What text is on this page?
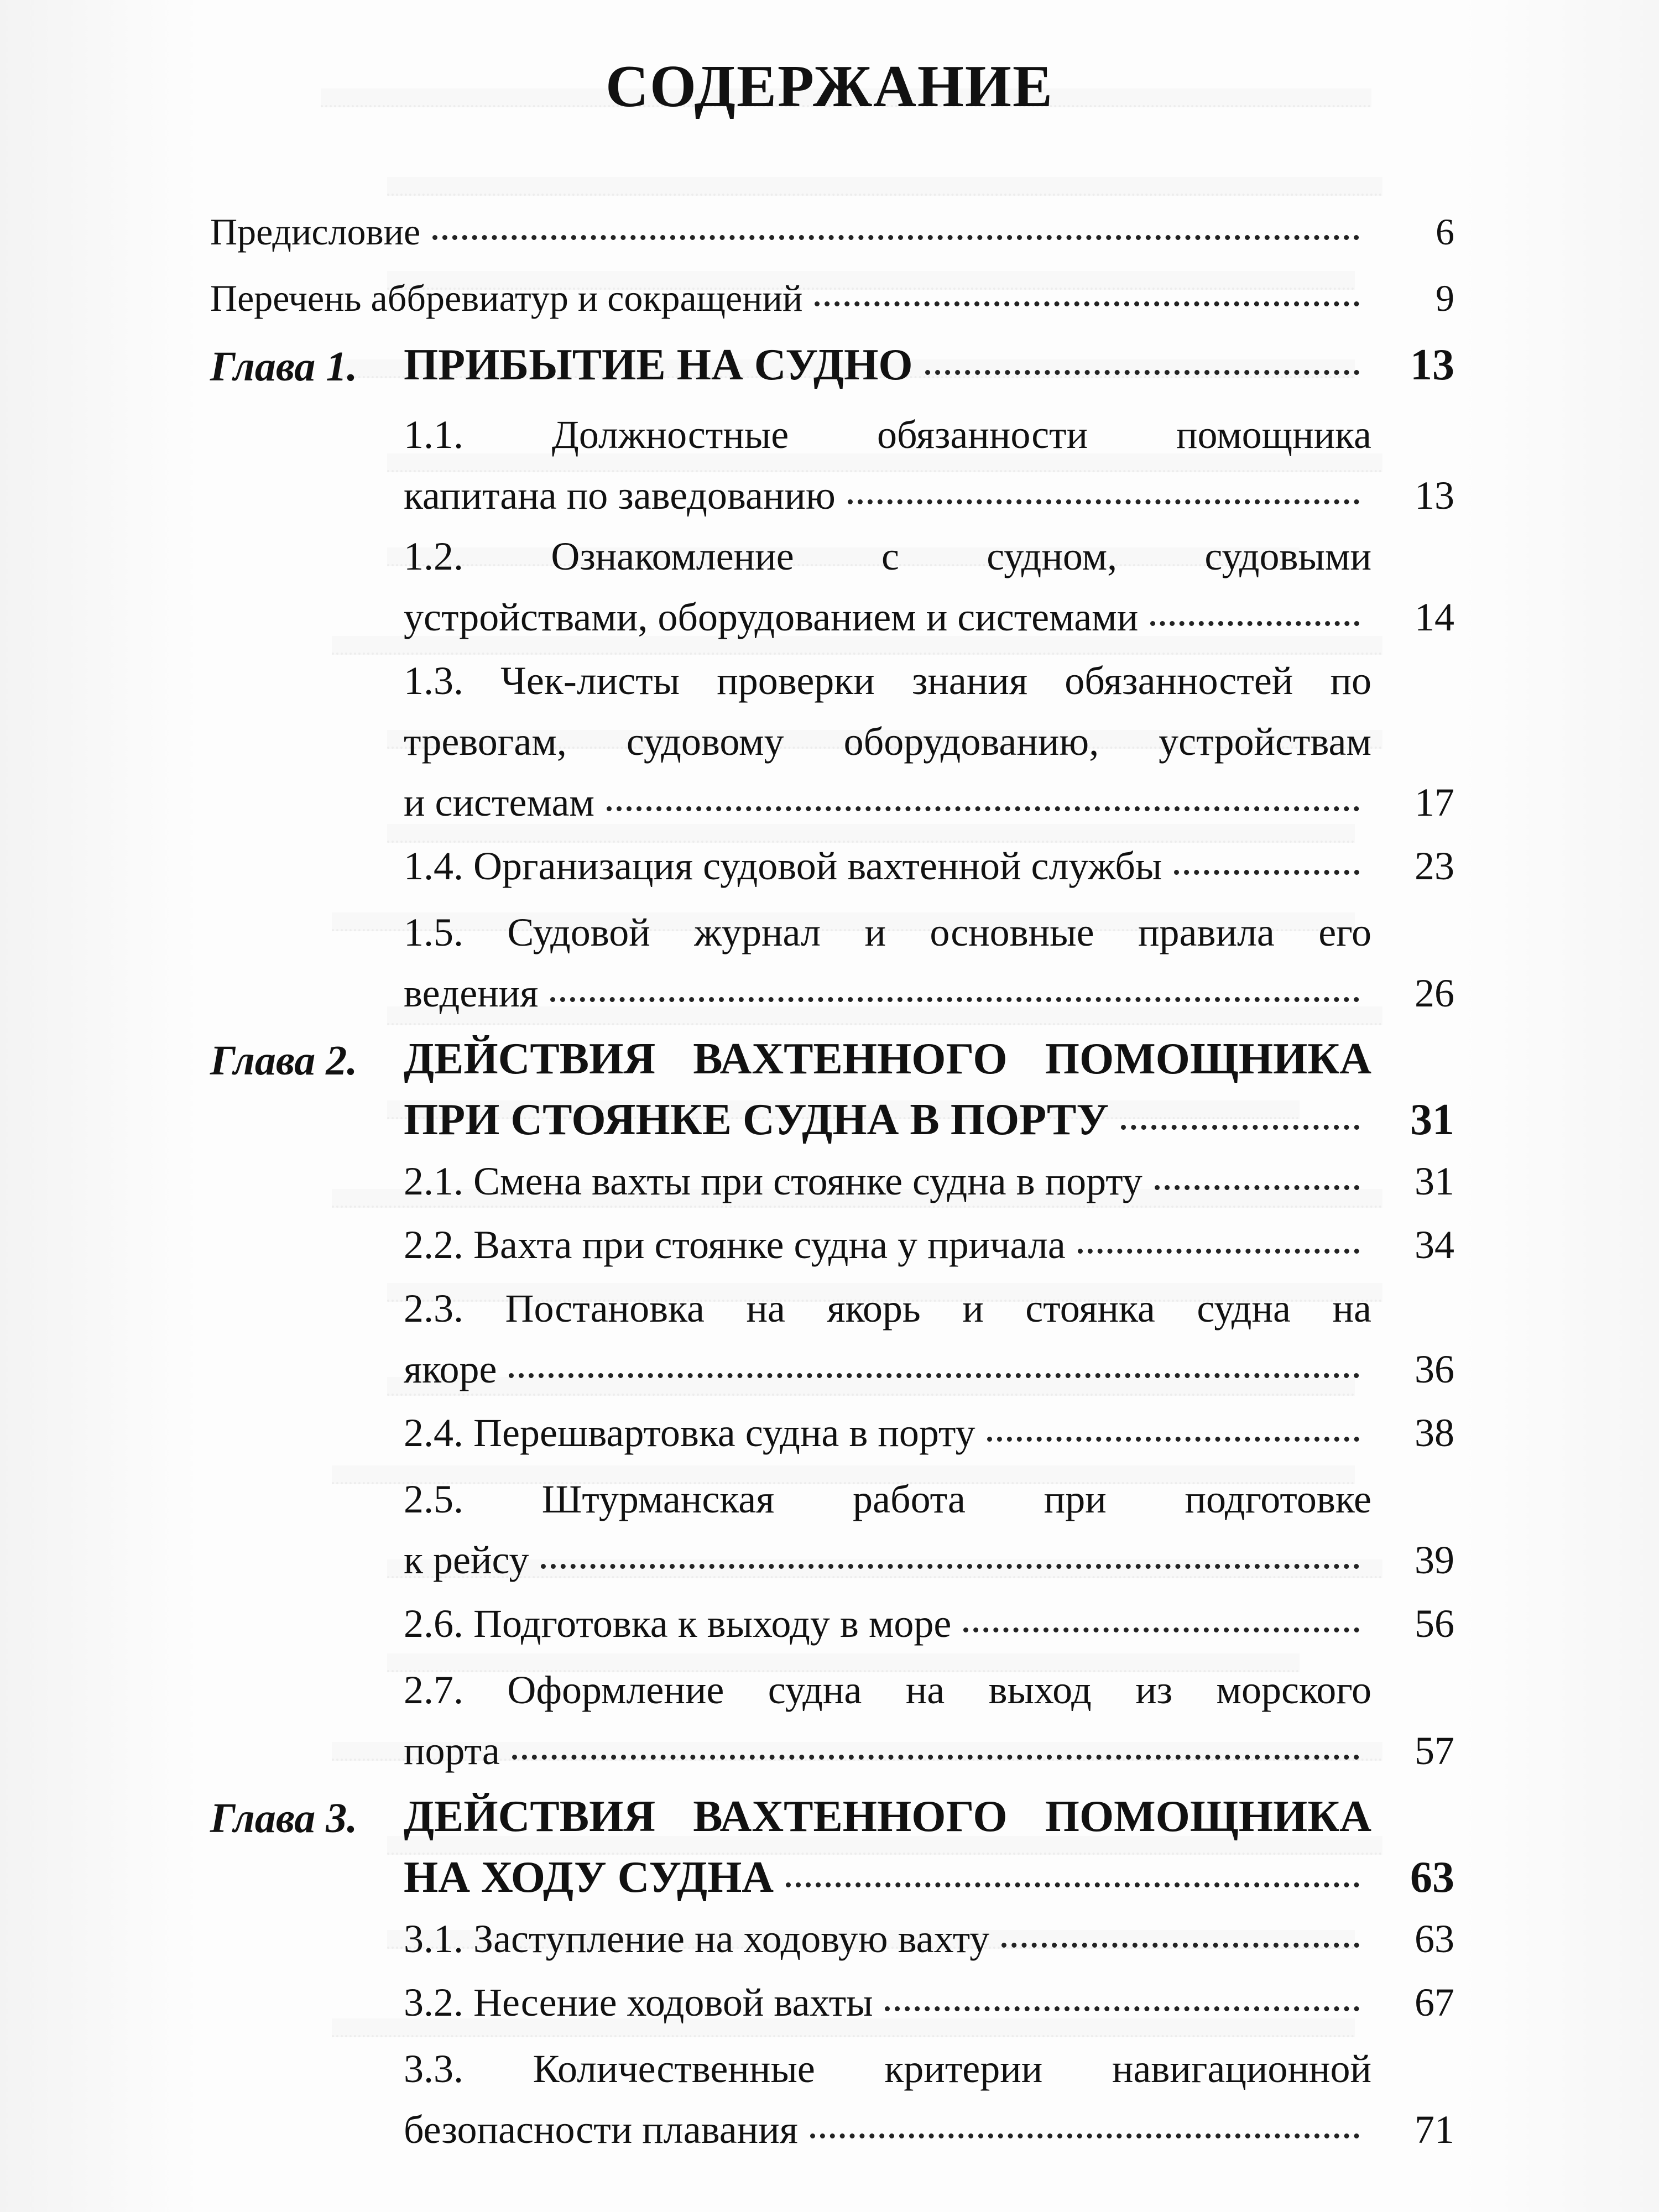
СОДЕРЖАНИЕ
Предисловие	6
Перечень аббревиатур и сокращений	9
Глава 1. ПРИБЫТИЕ НА СУДНО	13
1.1. Должностные обязанности помощника
капитана по заведованию	13
1.2. Ознакомление с судном, судовыми
устройствами, оборудованием и системами	14
1.3. Чек-листы проверки знания обязанностей по
тревогам, судовому оборудованию, устройствам
и системам	17
1.4. Организация судовой вахтенной службы	23
1.5. Судовой журнал и основные правила его
ведения	26
Глава 2. ДЕЙСТВИЯ ВАХТЕННОГО ПОМОЩНИКА
ПРИ СТОЯНКЕ СУДНА В ПОРТУ	31
2.1. Смена вахты при стоянке судна в порту	31
2.2. Вахта при стоянке судна у причала	34
2.3. Постановка на якорь и стоянка судна на
якоре	36
2.4. Перешвартовка судна в порту	38
2.5. Штурманская работа при подготовке
к рейсу	39
2.6. Подготовка к выходу в море	56
2.7. Оформление судна на выход из морского
порта	57
Глава 3. ДЕЙСТВИЯ ВАХТЕННОГО ПОМОЩНИКА
НА ХОДУ СУДНА	63
3.1. Заступление на ходовую вахту	63
3.2. Несение ходовой вахты	67
3.3. Количественные критерии навигационной
безопасности плавания	71
